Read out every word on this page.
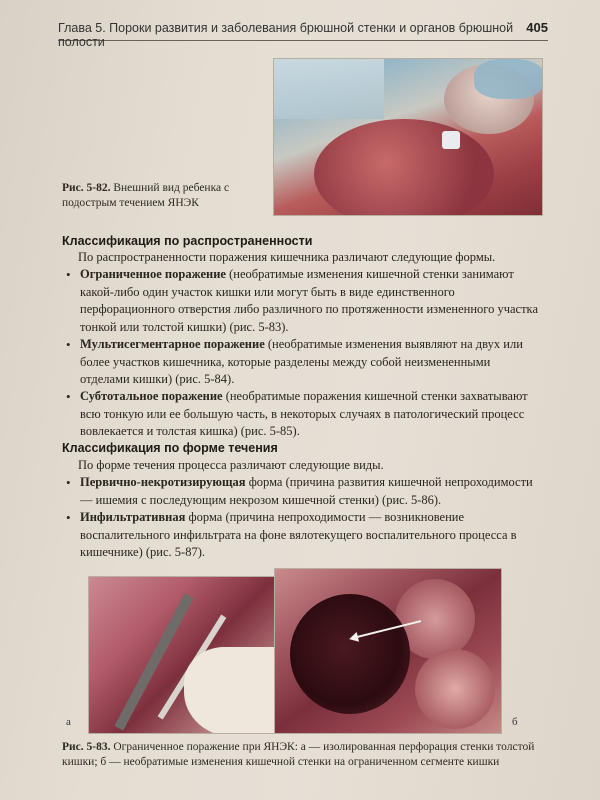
Глава 5. Пороки развития и заболевания брюшной стенки и органов брюшной полости
405
Рис. 5-82. Внешний вид ребенка с подострым течением ЯНЭК
Классификация по распространенности
По распространенности поражения кишечника различают следующие формы.
• Ограниченное поражение (необратимые изменения кишечной стенки занимают какой-либо один участок кишки или могут быть в виде единственного перфорационного отверстия либо различного по протяженности измененного участка тонкой или толстой кишки) (рис. 5-83).
• Мультисегментарное поражение (необратимые изменения выявляют на двух или более участков кишечника, которые разделены между собой неизмененными отделами кишки) (рис. 5-84).
• Субтотальное поражение (необратимые поражения кишечной стенки захватывают всю тонкую или ее большую часть, в некоторых случаях в патологический процесс вовлекается и толстая кишка) (рис. 5-85).
Классификация по форме течения
По форме течения процесса различают следующие виды.
• Первично-некротизирующая форма (причина развития кишечной непроходимости — ишемия с последующим некрозом кишечной стенки) (рис. 5-86).
• Инфильтративная форма (причина непроходимости — возникновение воспалительного инфильтрата на фоне вялотекущего воспалительного процесса в кишечнике) (рис. 5-87).
а	б
Рис. 5-83. Ограниченное поражение при ЯНЭК: а — изолированная перфорация стенки толстой кишки; б — необратимые изменения кишечной стенки на ограниченном сегменте кишки
